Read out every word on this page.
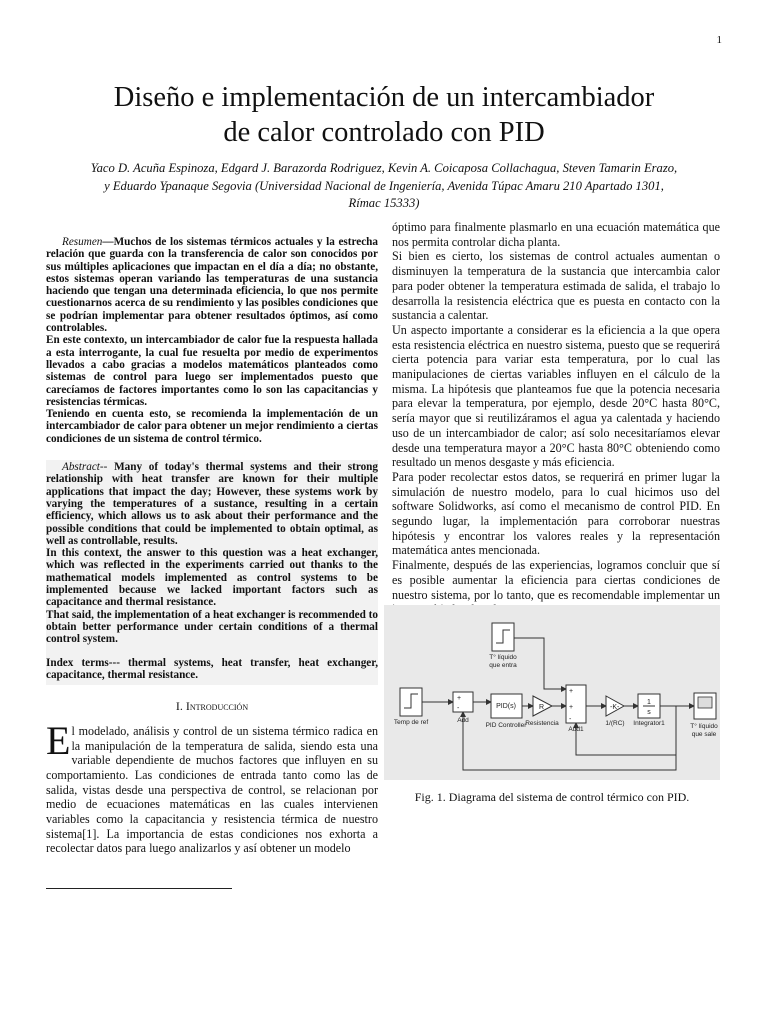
1
Diseño e implementación de un intercambiador
de calor controlado con PID
Yaco D. Acuña Espinoza, Edgard J. Barazorda Rodriguez, Kevin A. Coicaposa Collachagua, Steven Tamarin Erazo, y Eduardo Ypanaque Segovia (Universidad Nacional de Ingeniería, Avenida Túpac Amaru 210 Apartado 1301, Rímac 15333)

Resumen—Muchos de los sistemas térmicos actuales y la estrecha relación que guarda con la transferencia de calor son conocidos por sus múltiples aplicaciones que impactan en el día a día; no obstante, estos sistemas operan variando las temperaturas de una sustancia haciendo que tengan una determinada eficiencia, lo que nos permite cuestionarnos acerca de su rendimiento y las posibles condiciones que se podrían implementar para obtener resultados óptimos, así como controlables.

En este contexto, un intercambiador de calor fue la respuesta hallada a esta interrogante, la cual fue resuelta por medio de experimentos llevados a cabo gracias a modelos matemáticos planteados como sistemas de control para luego ser implementados puesto que carecíamos de factores importantes como lo son las capacitancias y resistencias térmicas.

Teniendo en cuenta esto, se recomienda la implementación de un intercambiador de calor para obtener un mejor rendimiento a ciertas condiciones de un sistema de control térmico.

Abstract-- Many of today's thermal systems and their strong relationship with heat transfer are known for their multiple applications that impact the day; However, these systems work by varying the temperatures of a sustance, resulting in a certain efficiency, which allows us to ask about their performance and the possible conditions that could be implemented to obtain optimal, as well as controllable, results.

In this context, the answer to this question was a heat exchanger, which was reflected in the experiments carried out thanks to the mathematical models implemented as control systems to be implemented because we lacked important factors such as capacitance and thermal resistance.

That said, the implementation of a heat exchanger is recommended to obtain better performance under certain conditions of a thermal control system.

Index terms--- thermal systems, heat transfer, heat exchanger, capacitance, thermal resistance.

I. Introducción

El modelado, análisis y control de un sistema térmico radica en la manipulación de la temperatura de salida, siendo esta una variable dependiente de muchos factores que influyen en su comportamiento. Las condiciones de entrada tanto como las de salida, vistas desde una perspectiva de control, se relacionan por medio de ecuaciones matemáticas en las cuales intervienen variables como la capacitancia y resistencia térmica de nuestro sistema[1]. La importancia de estas condiciones nos exhorta a recolectar datos para luego analizarlos y así obtener un modelo

óptimo para finalmente plasmarlo en una ecuación matemática que nos permita controlar dicha planta.

Si bien es cierto, los sistemas de control actuales aumentan o disminuyen la temperatura de la sustancia que intercambia calor para poder obtener la temperatura estimada de salida, el trabajo lo desarrolla la resistencia eléctrica que es puesta en contacto con la sustancia a calentar.

Un aspecto importante a considerar es la eficiencia a la que opera esta resistencia eléctrica en nuestro sistema, puesto que se requerirá cierta potencia para variar esta temperatura, por lo cual las manipulaciones de ciertas variables influyen en el cálculo de la misma. La hipótesis que planteamos fue que la potencia necesaria para elevar la temperatura, por ejemplo, desde 20°C hasta 80°C, sería mayor que si reutilizáramos el agua ya calentada y haciendo uso de un intercambiador de calor; así solo necesitaríamos elevar desde una temperatura mayor a 20°C hasta 80°C obteniendo como resultado un menos desgaste y más eficiencia.

Para poder recolectar estos datos, se requerirá en primer lugar la simulación de nuestro modelo, para lo cual hicimos uso del software Solidworks, así como el mecanismo de control PID. En segundo lugar, la implementación para corroborar nuestras hipótesis y encontrar los valores reales y la representación matemática antes mencionada.

Finalmente, después de las experiencias, logramos concluir que sí es posible aumentar la eficiencia para ciertas condiciones de nuestro sistema, por lo tanto, que es recomendable implementar un

T° líquido
que entra
Temp de ref
+
-
Add
PID(s)
PID Controller
R
Resistencia
+
+
-
Add1
-K-
1/(RC)
1
s
Integrator1	T° líquido
que sale
Fig. 1. Diagrama del sistema de control térmico con PID.
